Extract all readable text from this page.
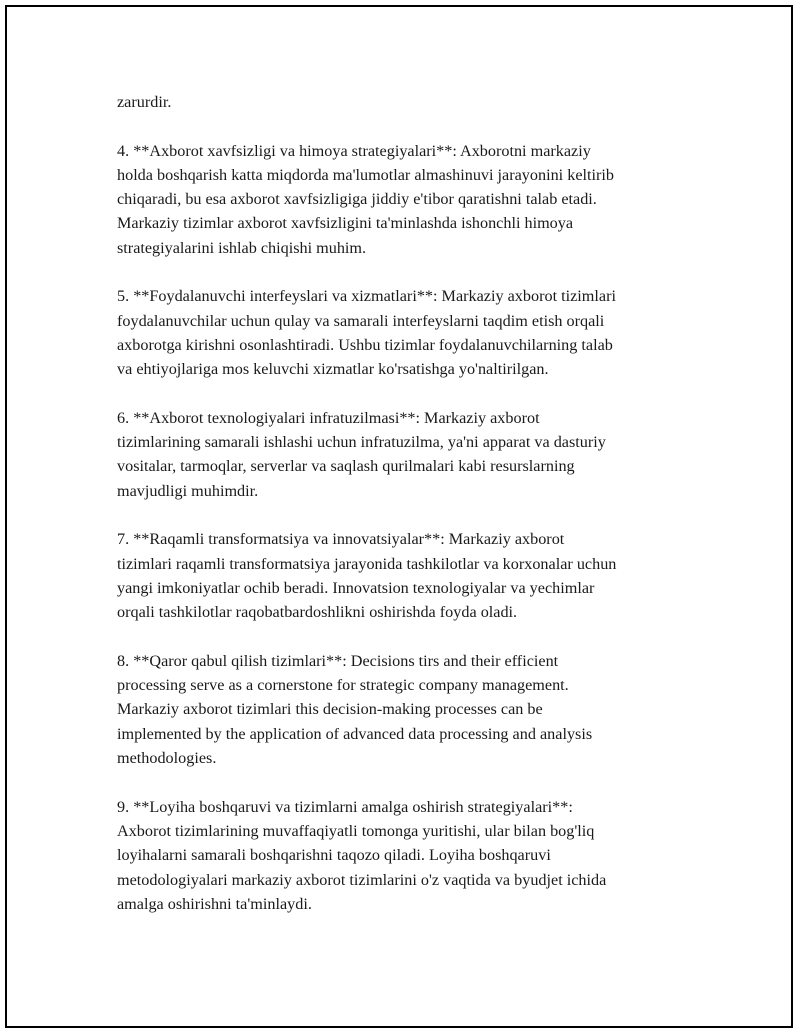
zarurdir.

4. **Axborot xavfsizligi va himoya strategiyalari**: Axborotni markaziy
holda boshqarish katta miqdorda ma'lumotlar almashinuvi jarayonini keltirib
chiqaradi, bu esa axborot xavfsizligiga jiddiy e'tibor qaratishni talab etadi.
Markaziy tizimlar axborot xavfsizligini ta'minlashda ishonchli himoya
strategiyalarini ishlab chiqishi muhim.

5. **Foydalanuvchi interfeyslari va xizmatlari**: Markaziy axborot tizimlari
foydalanuvchilar uchun qulay va samarali interfeyslarni taqdim etish orqali
axborotga kirishni osonlashtiradi. Ushbu tizimlar foydalanuvchilarning talab
va ehtiyojlariga mos keluvchi xizmatlar ko'rsatishga yo'naltirilgan.

6. **Axborot texnologiyalari infratuzilmasi**: Markaziy axborot
tizimlarining samarali ishlashi uchun infratuzilma, ya'ni apparat va dasturiy
vositalar, tarmoqlar, serverlar va saqlash qurilmalari kabi resurslarning
mavjudligi muhimdir.

7. **Raqamli transformatsiya va innovatsiyalar**: Markaziy axborot
tizimlari raqamli transformatsiya jarayonida tashkilotlar va korxonalar uchun
yangi imkoniyatlar ochib beradi. Innovatsion texnologiyalar va yechimlar
orqali tashkilotlar raqobatbardoshlikni oshirishda foyda oladi.

8. **Qaror qabul qilish tizimlari**: Decisions tirs and their efficient
processing serve as a cornerstone for strategic company management.
Markaziy axborot tizimlari this decision-making processes can be
implemented by the application of advanced data processing and analysis
methodologies.

9. **Loyiha boshqaruvi va tizimlarni amalga oshirish strategiyalari**:
Axborot tizimlarining muvaffaqiyatli tomonga yuritishi, ular bilan bog'liq
loyihalarni samarali boshqarishni taqozo qiladi. Loyiha boshqaruvi
metodologiyalari markaziy axborot tizimlarini o'z vaqtida va byudjet ichida
amalga oshirishni ta'minlaydi.
